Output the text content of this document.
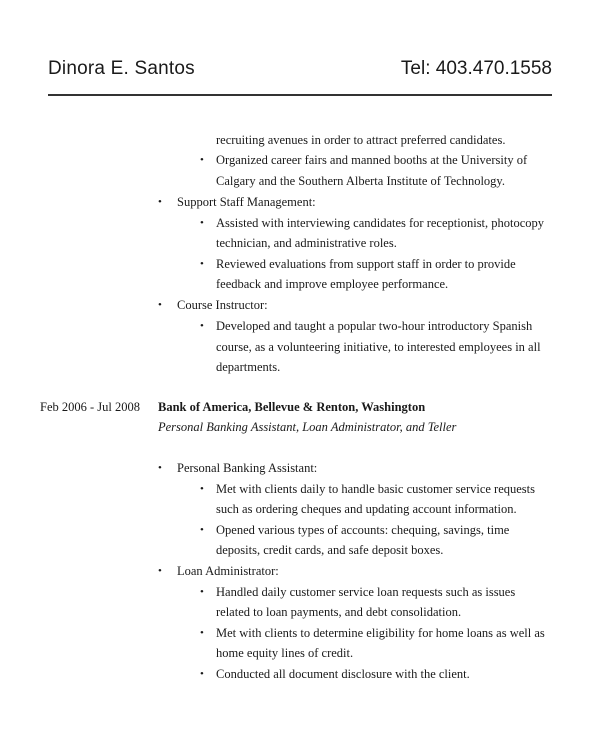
Dinora E. Santos	Tel: 403.470.1558
recruiting avenues in order to attract preferred candidates.
• Organized career fairs and manned booths at the University of
Calgary and the Southern Alberta Institute of Technology.
• Support Staff Management:
• Assisted with interviewing candidates for receptionist, photocopy
technician, and administrative roles.
• Reviewed evaluations from support staff in order to provide
feedback and improve employee performance.
• Course Instructor:
• Developed and taught a popular two-hour introductory Spanish
course, as a volunteering initiative, to interested employees in all
departments.
Feb 2006 - Jul 2008 Bank of America, Bellevue & Renton, Washington
Personal Banking Assistant, Loan Administrator, and Teller
• Personal Banking Assistant:
• Met with clients daily to handle basic customer service requests
such as ordering cheques and updating account information.
• Opened various types of accounts: chequing, savings, time
deposits, credit cards, and safe deposit boxes.
• Loan Administrator:
• Handled daily customer service loan requests such as issues
related to loan payments, and debt consolidation.
• Met with clients to determine eligibility for home loans as well as
home equity lines of credit.
• Conducted all document disclosure with the client.
